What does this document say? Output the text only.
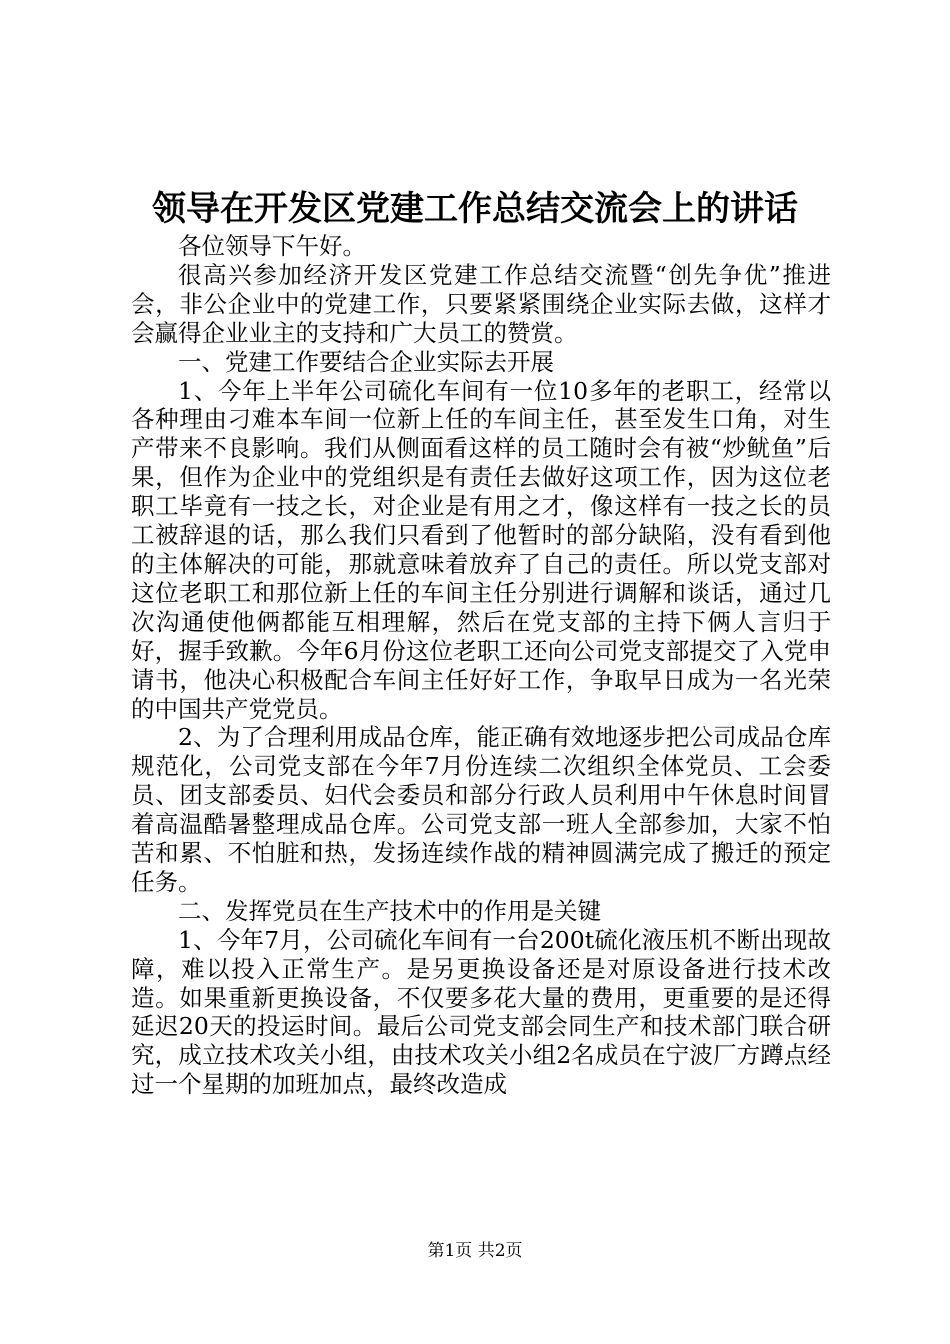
领导在开发区党建工作总结交流会上的讲话

各位领导下午好。

很高兴参加经济开发区党建工作总结交流暨“创先争优”推进会，非公企业中的党建工作，只要紧紧围绕企业实际去做，这样才会赢得企业业主的支持和广大员工的赞赏。

一、党建工作要结合企业实际去开展

1、今年上半年公司硫化车间有一位10多年的老职工，经常以各种理由刁难本车间一位新上任的车间主任，甚至发生口角，对生产带来不良影响。我们从侧面看这样的员工随时会有被“炒鱿鱼”后果，但作为企业中的党组织是有责任去做好这项工作，因为这位老职工毕竟有一技之长，对企业是有用之才，像这样有一技之长的员工被辞退的话，那么我们只看到了他暂时的部分缺陷，没有看到他的主体解决的可能，那就意味着放弃了自己的责任。所以党支部对这位老职工和那位新上任的车间主任分别进行调解和谈话，通过几次沟通使他俩都能互相理解，然后在党支部的主持下俩人言归于好，握手致歉。今年6月份这位老职工还向公司党支部提交了入党申请书，他决心积极配合车间主任好好工作，争取早日成为一名光荣的中国共产党党员。

2、为了合理利用成品仓库，能正确有效地逐步把公司成品仓库规范化，公司党支部在今年7月份连续二次组织全体党员、工会委员、团支部委员、妇代会委员和部分行政人员利用中午休息时间冒着高温酷暑整理成品仓库。公司党支部一班人全部参加，大家不怕苦和累、不怕脏和热，发扬连续作战的精神圆满完成了搬迁的预定任务。

二、发挥党员在生产技术中的作用是关键

1、今年7月，公司硫化车间有一台200t硫化液压机不断出现故障，难以投入正常生产。是另更换设备还是对原设备进行技术改造。如果重新更换设备，不仅要多花大量的费用，更重要的是还得延迟20天的投运时间。最后公司党支部会同生产和技术部门联合研究，成立技术攻关小组，由技术攻关小组2名成员在宁波厂方蹲点经过一个星期的加班加点，最终改造成

第1页 共2页
